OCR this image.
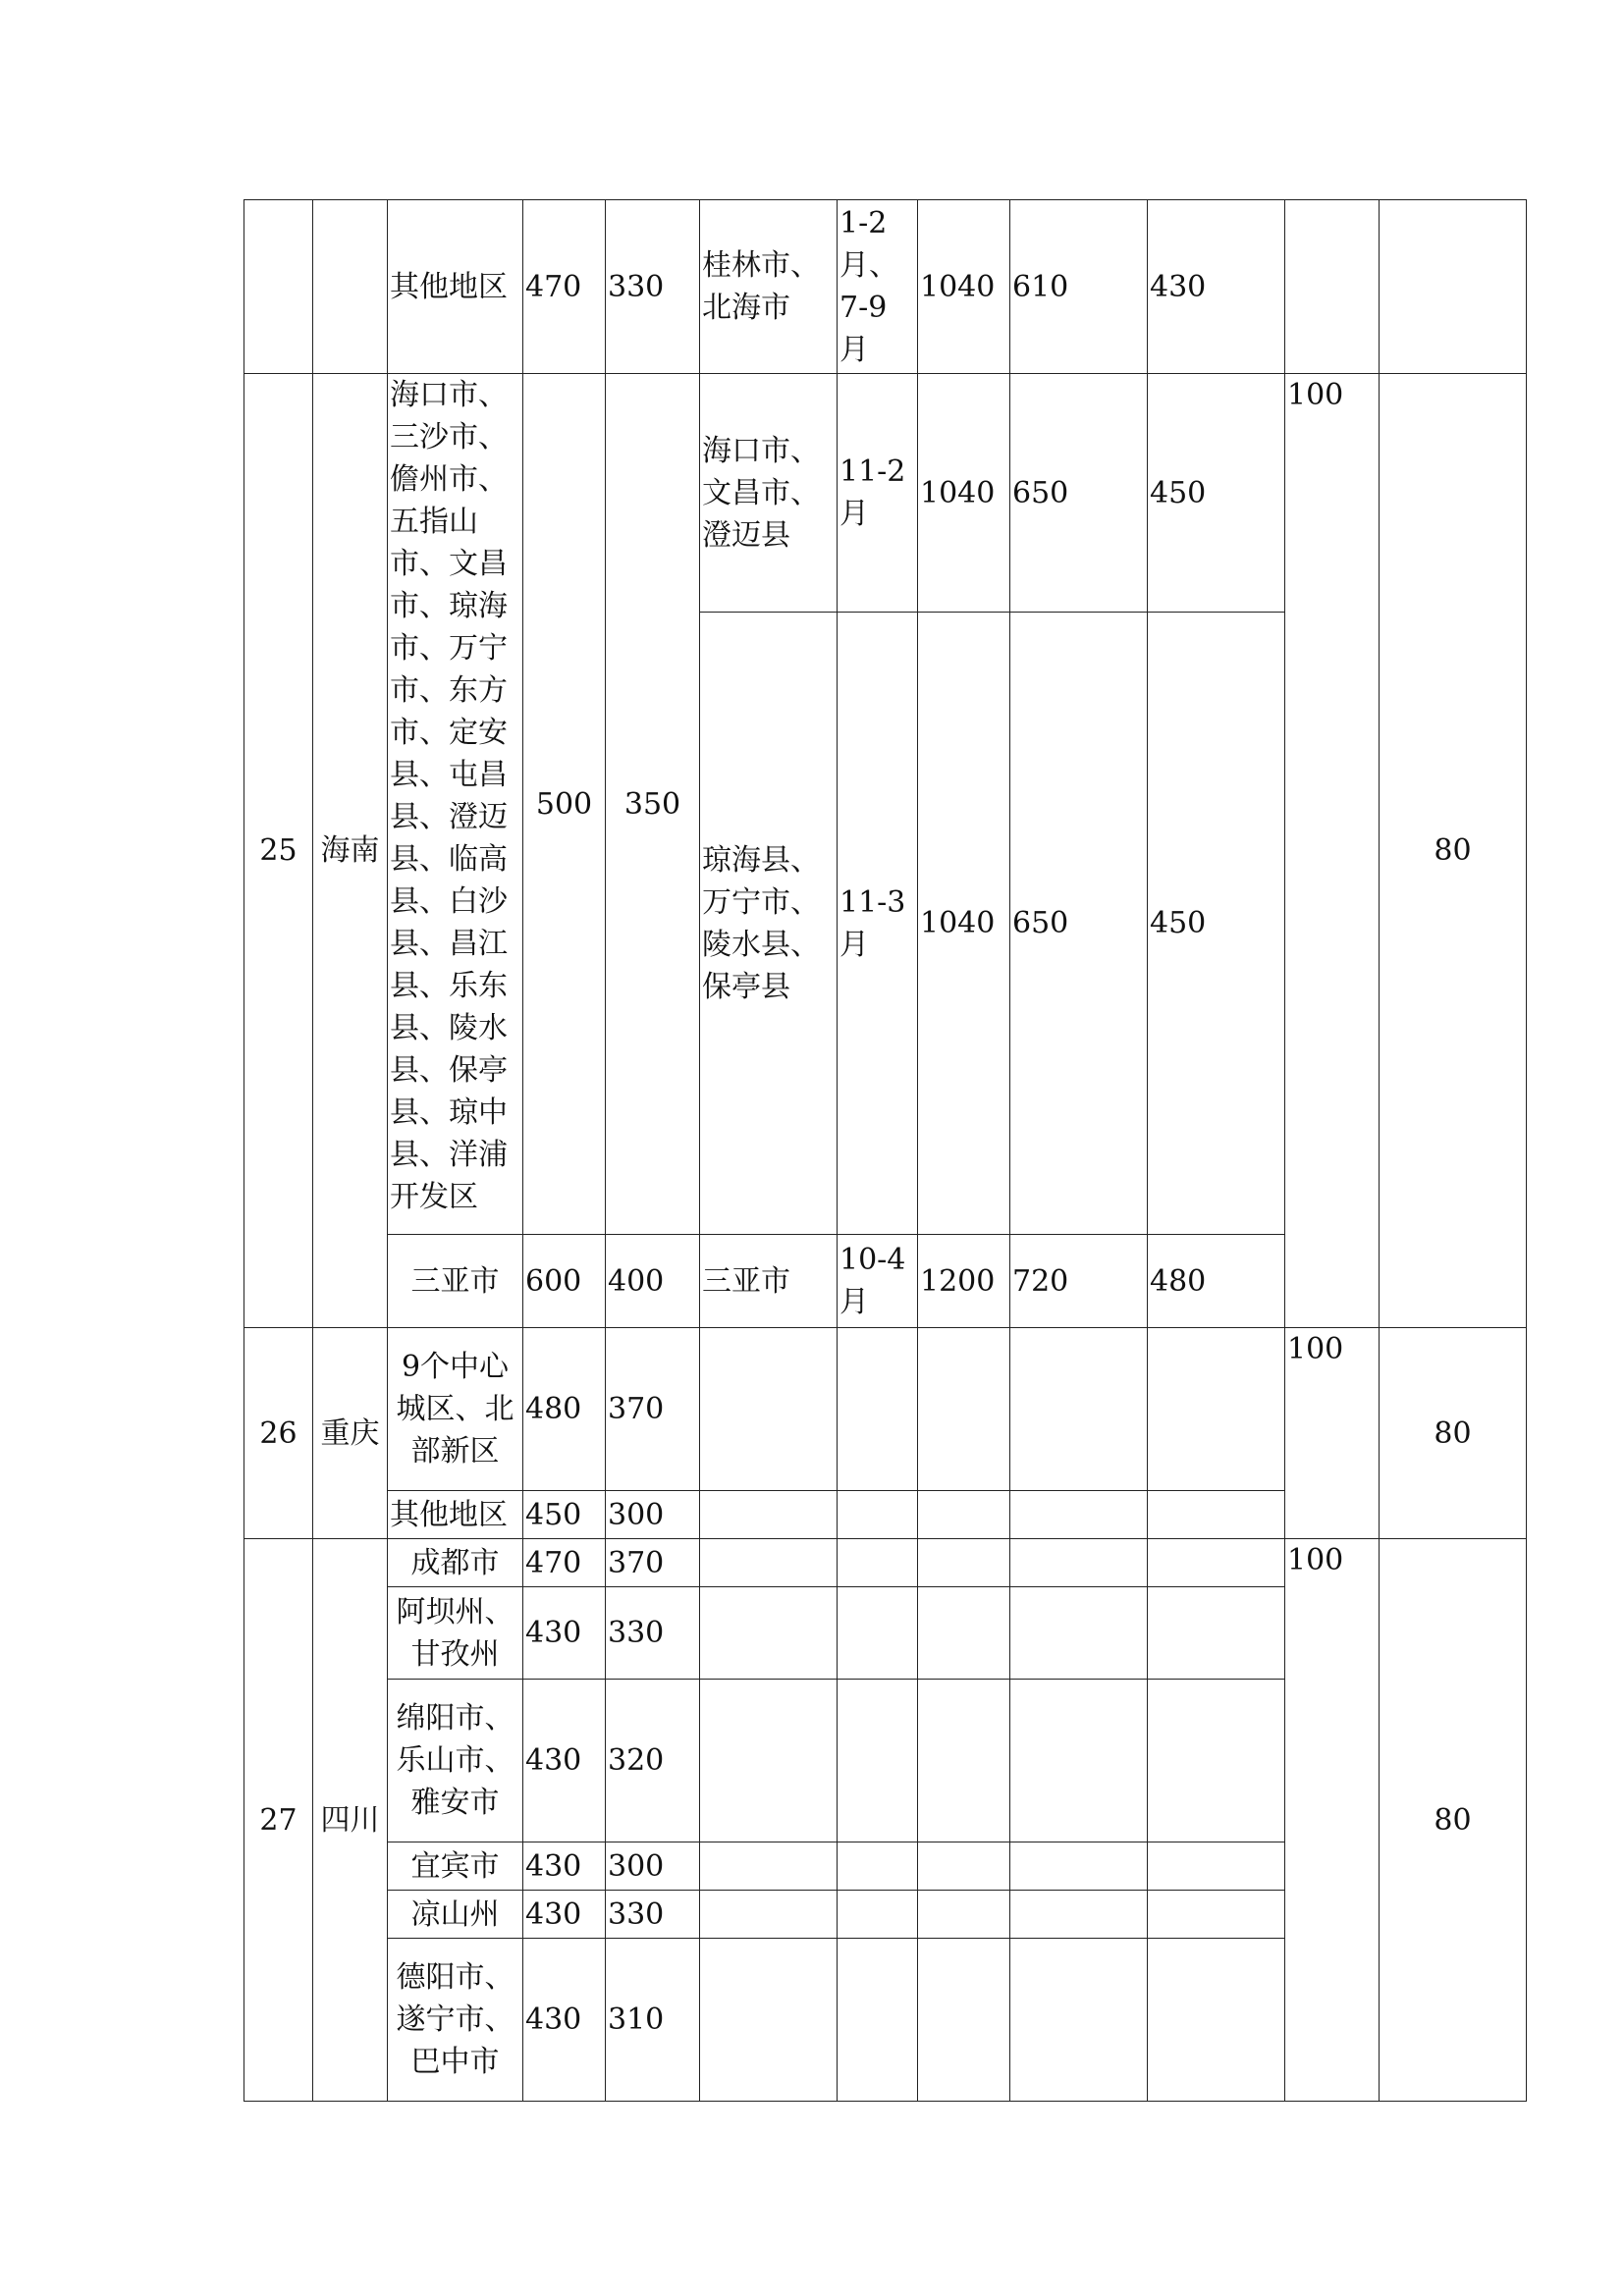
		其他地区	470	330	桂林市、北海市	1-2月、7-9月	1040	610	430		
25	海南	海口市、三沙市、儋州市、五指山市、文昌市、琼海市、万宁市、东方市、定安县、屯昌县、澄迈县、临高县、白沙县、昌江县、乐东县、陵水县、保亭县、琼中县、洋浦开发区	500	350	海口市、文昌市、澄迈县	11-2月	1040	650	450	100	80
					琼海县、万宁市、陵水县、保亭县	11-3月	1040	650	450		
		三亚市	600	400	三亚市	10-4月	1200	720	480		
26	重庆	9个中心城区、北部新区	480	370						100	80
		其他地区	450	300							
27	四川	成都市	470	370						100	80
		阿坝州、甘孜州	430	330							
		绵阳市、乐山市、雅安市	430	320							
		宜宾市	430	300							
		凉山州	430	330							
		德阳市、遂宁市、巴中市	430	310							
